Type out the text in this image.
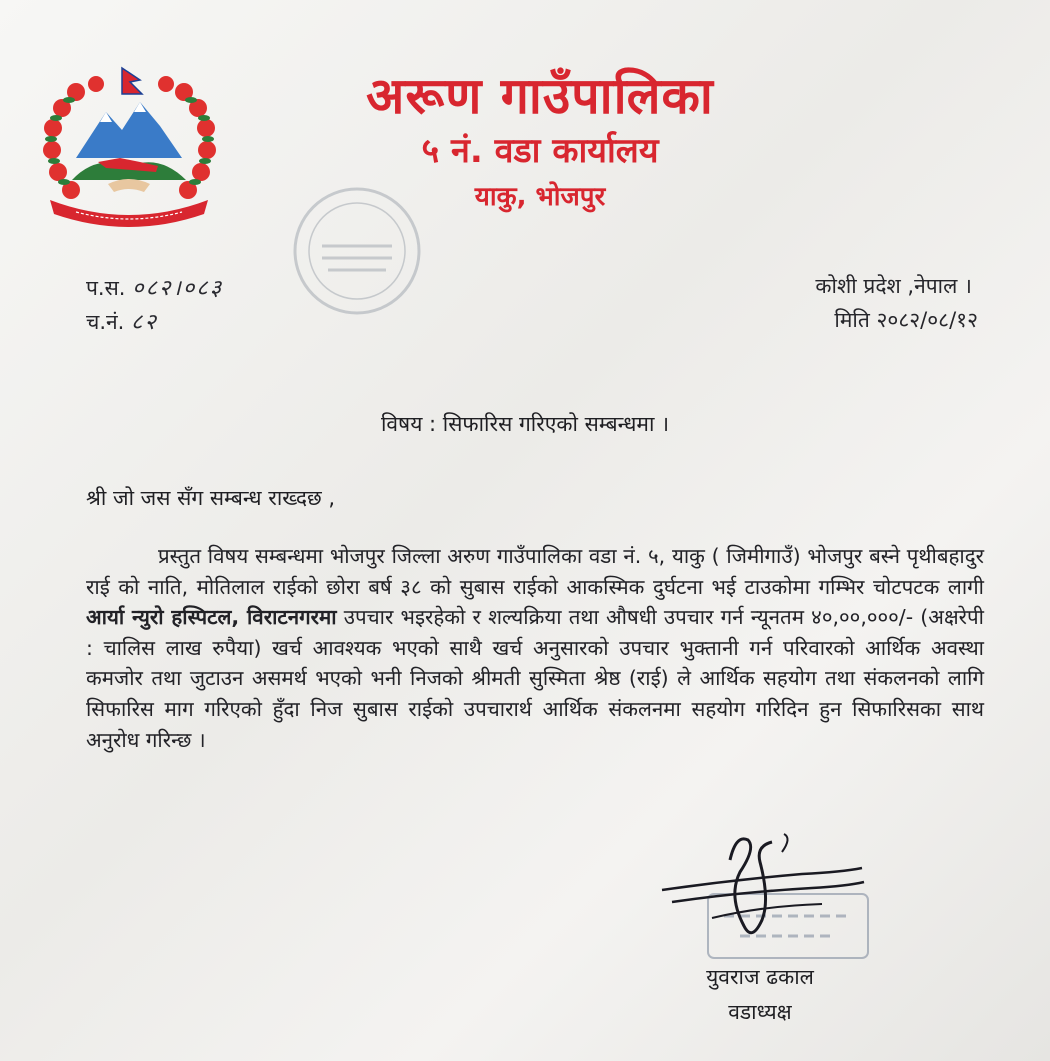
अरूण गाउँपालिका
५ नं. वडा कार्यालय
याकु, भोजपुर
प.स. ०८२।०८३
च.नं. ८२
कोशी प्रदेश ,नेपाल ।
मिति २०८२/०८/१२
विषय : सिफारिस गरिएको सम्बन्धमा ।
श्री जो जस सँग सम्बन्ध राख्दछ ,
प्रस्तुत विषय सम्बन्धमा भोजपुर जिल्ला अरुण गाउँपालिका वडा नं. ५, याकु ( जिमीगाउँ) भोजपुर बस्ने पृथीबहादुर राई को नाति, मोतिलाल राईको छोरा बर्ष ३८ को सुबास राईको आकस्मिक दुर्घटना भई टाउकोमा गम्भिर चोटपटक लागी आर्या न्युरो हस्पिटल, विराटनगरमा उपचार भइरहेको र शल्यक्रिया तथा औषधी उपचार गर्न न्यूनतम ४०,००,०००/- (अक्षरेपी : चालिस लाख रुपैया) खर्च आवश्यक भएको साथै खर्च अनुसारको उपचार भुक्तानी गर्न परिवारको आर्थिक अवस्था कमजोर तथा जुटाउन असमर्थ भएको भनी निजको श्रीमती सुस्मिता श्रेष्ठ (राई) ले आर्थिक सहयोग तथा संकलनको लागि सिफारिस माग गरिएको हुँदा निज सुबास राईको उपचारार्थ आर्थिक संकलनमा सहयोग गरिदिन हुन सिफारिसका साथ अनुरोध गरिन्छ ।
युवराज ढकाल
वडाध्यक्ष
